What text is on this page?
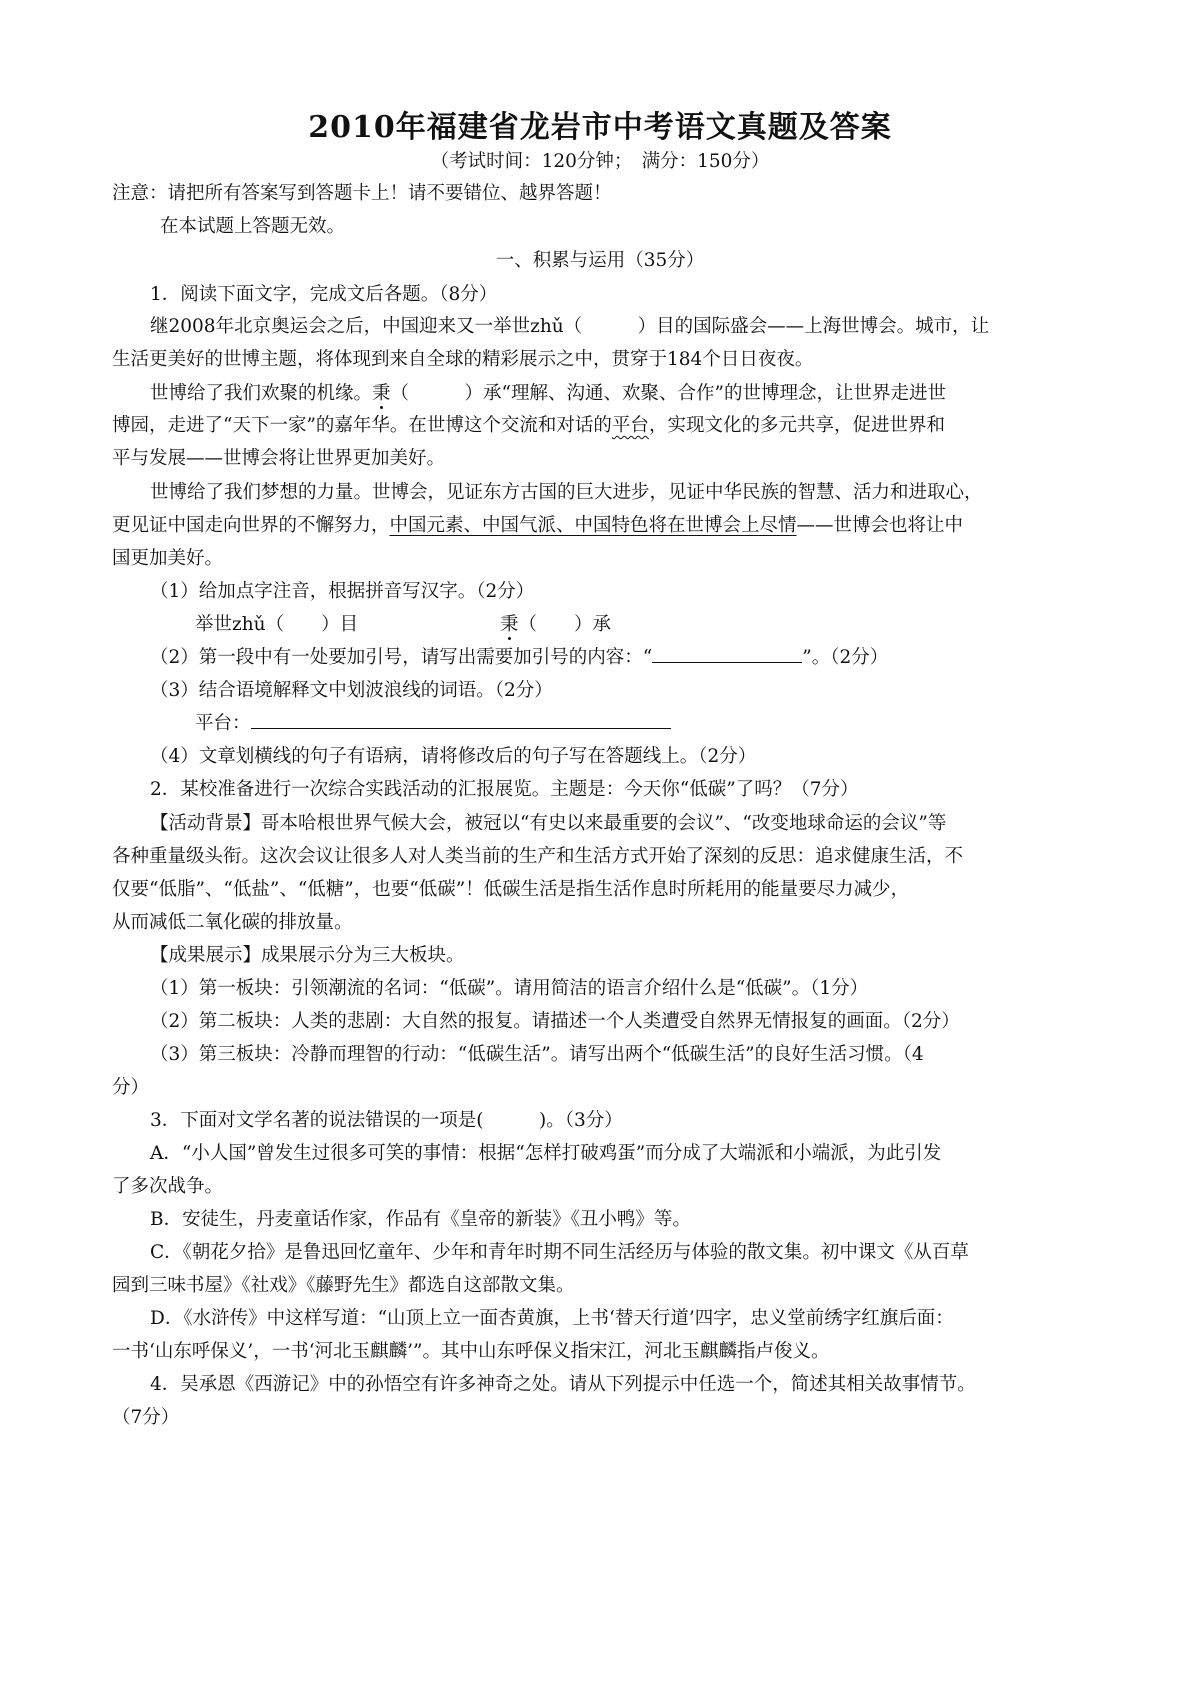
2010年福建省龙岩市中考语文真题及答案
（考试时间：120分钟；　满分：150分）
注意：请把所有答案写到答题卡上！请不要错位、越界答题！
在本试题上答题无效。
一、积累与运用（35分）
1．阅读下面文字，完成文后各题。（8分）
继2008年北京奥运会之后，中国迎来又一举世zhǔ（　　　）目的国际盛会——上海世博会。城市，让
生活更美好的世博主题，将体现到来自全球的精彩展示之中，贯穿于184个日日夜夜。
世博给了我们欢聚的机缘。秉（　　　）承“理解、沟通、欢聚、合作”的世博理念，让世界走进世
博园，走进了“天下一家”的嘉年华。在世博这个交流和对话的平台，实现文化的多元共享，促进世界和
平与发展——世博会将让世界更加美好。
世博给了我们梦想的力量。世博会，见证东方古国的巨大进步，见证中华民族的智慧、活力和进取心，
更见证中国走向世界的不懈努力，中国元素、中国气派、中国特色将在世博会上尽情——世博会也将让中
国更加美好。
（1）给加点字注音，根据拼音写汉字。（2分）
举世zhǔ（　　）目	秉（　　）承
（2）第一段中有一处要加引号，请写出需要加引号的内容：“	”。（2分）
（3）结合语境解释文中划波浪线的词语。（2分）
平台：
（4）文章划横线的句子有语病，请将修改后的句子写在答题线上。（2分）
2．某校准备进行一次综合实践活动的汇报展览。主题是：今天你“低碳”了吗？（7分）
【活动背景】哥本哈根世界气候大会，被冠以“有史以来最重要的会议”、“改变地球命运的会议”等
各种重量级头衔。这次会议让很多人对人类当前的生产和生活方式开始了深刻的反思：追求健康生活，不
仅要“低脂”、“低盐”、“低糖”，也要“低碳”！低碳生活是指生活作息时所耗用的能量要尽力减少，
从而减低二氧化碳的排放量。
【成果展示】成果展示分为三大板块。
（1）第一板块：引领潮流的名词：“低碳”。请用简洁的语言介绍什么是“低碳”。（1分）
（2）第二板块：人类的悲剧：大自然的报复。请描述一个人类遭受自然界无情报复的画面。（2分）
（3）第三板块：冷静而理智的行动：“低碳生活”。请写出两个“低碳生活”的良好生活习惯。（4
分）
3．下面对文学名著的说法错误的一项是(　　　)。（3分）
A．“小人国”曾发生过很多可笑的事情：根据“怎样打破鸡蛋”而分成了大端派和小端派，为此引发
了多次战争。
B．安徒生，丹麦童话作家，作品有《皇帝的新装》《丑小鸭》等。
C．《朝花夕拾》是鲁迅回忆童年、少年和青年时期不同生活经历与体验的散文集。初中课文《从百草
园到三味书屋》《社戏》《藤野先生》都选自这部散文集。
D．《水浒传》中这样写道：“山顶上立一面杏黄旗，上书‘替天行道’四字，忠义堂前绣字红旗后面：
一书‘山东呼保义’，一书‘河北玉麒麟’”。其中山东呼保义指宋江，河北玉麒麟指卢俊义。
4．吴承恩《西游记》中的孙悟空有许多神奇之处。请从下列提示中任选一个，简述其相关故事情节。
（7分）
